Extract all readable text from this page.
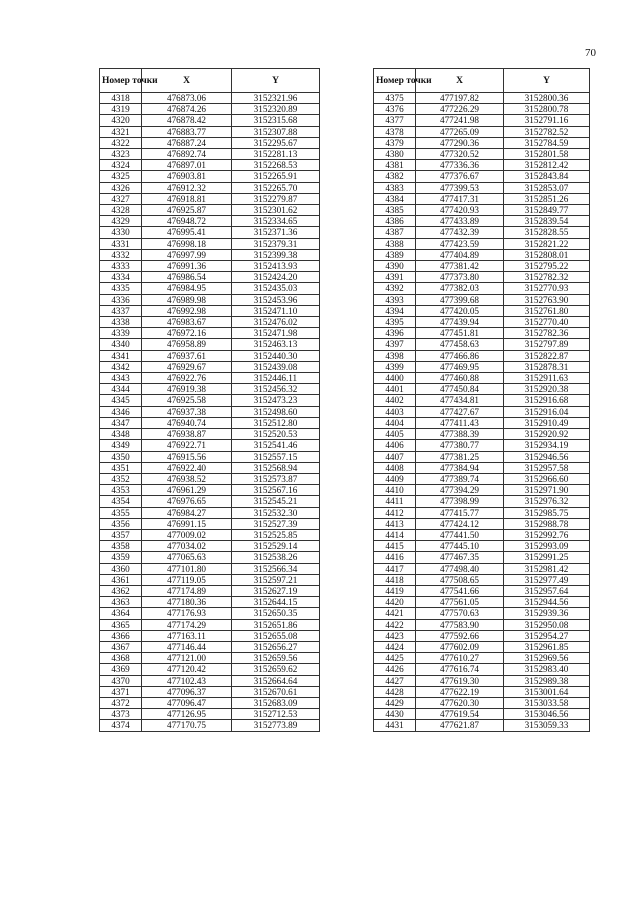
70
Номер точки	X	Y
4318	476873.06	3152321.96
4319	476874.26	3152320.89
4320	476878.42	3152315.68
4321	476883.77	3152307.88
4322	476887.24	3152295.67
4323	476892.74	3152281.13
4324	476897.01	3152268.53
4325	476903.81	3152265.91
4326	476912.32	3152265.70
4327	476918.81	3152279.87
4328	476925.87	3152301.62
4329	476948.72	3152334.65
4330	476995.41	3152371.36
4331	476998.18	3152379.31
4332	476997.99	3152399.38
4333	476991.36	3152413.93
4334	476986.54	3152424.20
4335	476984.95	3152435.03
4336	476989.98	3152453.96
4337	476992.98	3152471.10
4338	476983.67	3152476.02
4339	476972.16	3152471.98
4340	476958.89	3152463.13
4341	476937.61	3152440.30
4342	476929.67	3152439.08
4343	476922.76	3152446.11
4344	476919.38	3152456.32
4345	476925.58	3152473.23
4346	476937.38	3152498.60
4347	476940.74	3152512.80
4348	476938.87	3152520.53
4349	476922.71	3152541.46
4350	476915.56	3152557.15
4351	476922.40	3152568.94
4352	476938.52	3152573.87
4353	476961.29	3152567.16
4354	476976.65	3152545.21
4355	476984.27	3152532.30
4356	476991.15	3152527.39
4357	477009.02	3152525.85
4358	477034.02	3152529.14
4359	477065.63	3152538.26
4360	477101.80	3152566.34
4361	477119.05	3152597.21
4362	477174.89	3152627.19
4363	477180.36	3152644.15
4364	477176.93	3152650.35
4365	477174.29	3152651.86
4366	477163.11	3152655.08
4367	477146.44	3152656.27
4368	477121.00	3152659.56
4369	477120.42	3152659.62
4370	477102.43	3152664.64
4371	477096.37	3152670.61
4372	477096.47	3152683.09
4373	477126.95	3152712.53
4374	477170.75	3152773.89
Номер точки	X	Y
4375	477197.82	3152800.36
4376	477226.29	3152800.78
4377	477241.98	3152791.16
4378	477265.09	3152782.52
4379	477290.36	3152784.59
4380	477320.52	3152801.58
4381	477336.36	3152812.42
4382	477376.67	3152843.84
4383	477399.53	3152853.07
4384	477417.31	3152851.26
4385	477420.93	3152849.77
4386	477433.89	3152839.54
4387	477432.39	3152828.55
4388	477423.59	3152821.22
4389	477404.89	3152808.01
4390	477381.42	3152795.22
4391	477373.80	3152782.32
4392	477382.03	3152770.93
4393	477399.68	3152763.90
4394	477420.05	3152761.80
4395	477439.94	3152770.40
4396	477451.81	3152782.36
4397	477458.63	3152797.89
4398	477466.86	3152822.87
4399	477469.95	3152878.31
4400	477460.88	3152911.63
4401	477450.84	3152920.38
4402	477434.81	3152916.68
4403	477427.67	3152916.04
4404	477411.43	3152910.49
4405	477388.39	3152920.92
4406	477380.77	3152934.19
4407	477381.25	3152946.56
4408	477384.94	3152957.58
4409	477389.74	3152966.60
4410	477394.29	3152971.90
4411	477398.99	3152976.32
4412	477415.77	3152985.75
4413	477424.12	3152988.78
4414	477441.50	3152992.76
4415	477445.10	3152993.09
4416	477467.35	3152991.25
4417	477498.40	3152981.42
4418	477508.65	3152977.49
4419	477541.66	3152957.64
4420	477561.05	3152944.56
4421	477570.63	3152939.36
4422	477583.90	3152950.08
4423	477592.66	3152954.27
4424	477602.09	3152961.85
4425	477610.27	3152969.56
4426	477616.74	3152983.40
4427	477619.30	3152989.38
4428	477622.19	3153001.64
4429	477620.30	3153033.58
4430	477619.54	3153046.56
4431	477621.87	3153059.33
